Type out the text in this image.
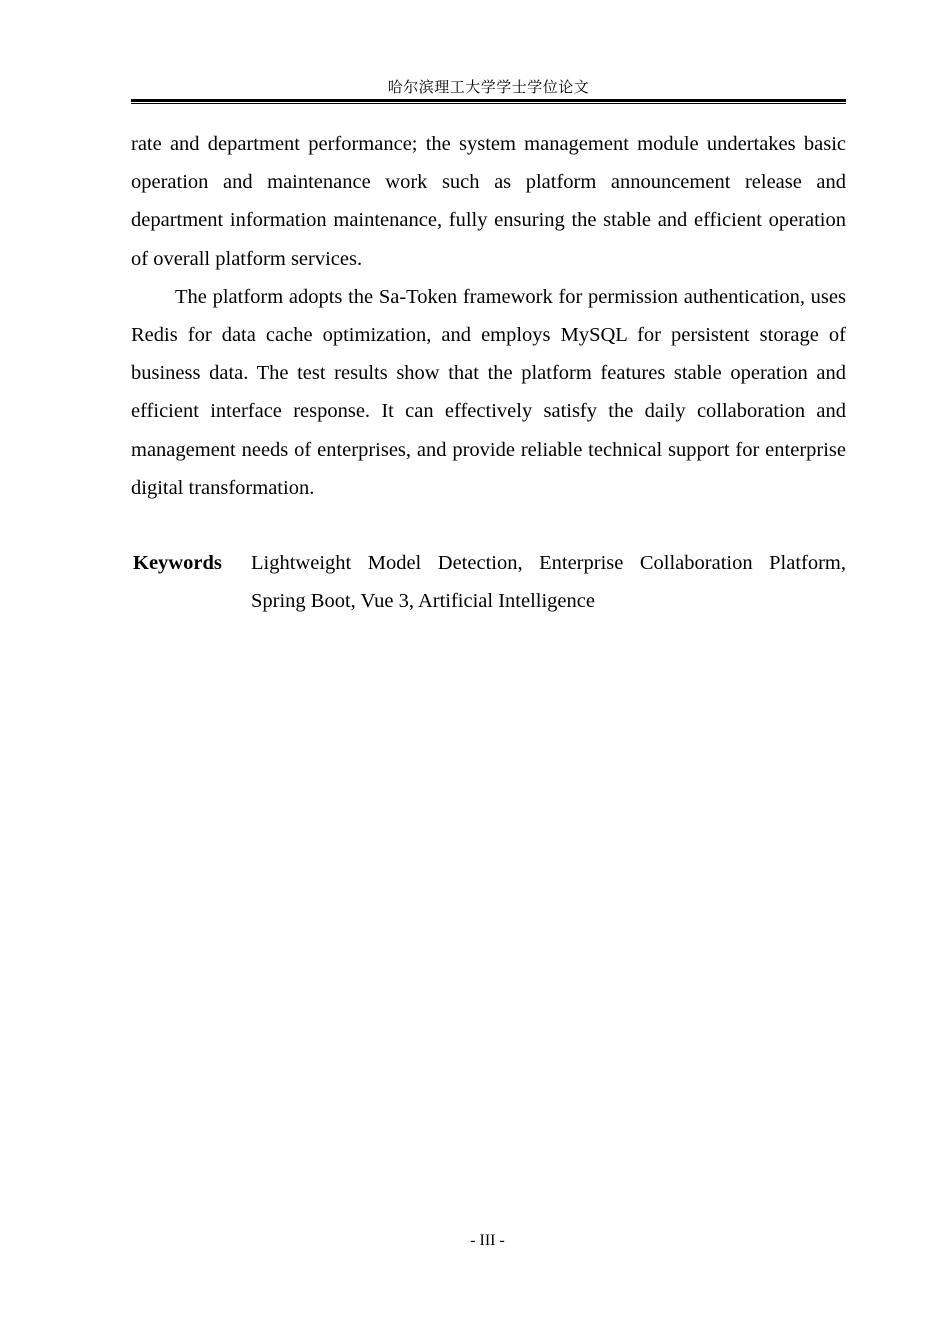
哈尔滨理工大学学士学位论文

rate and department performance; the system management module undertakes basic operation and maintenance work such as platform announcement release and department information maintenance, fully ensuring the stable and efficient operation of overall platform services.

The platform adopts the Sa-Token framework for permission authentication, uses Redis for data cache optimization, and employs MySQL for persistent storage of business data. The test results show that the platform features stable operation and efficient interface response. It can effectively satisfy the daily collaboration and management needs of enterprises, and provide reliable technical support for enterprise digital transformation.

Keywords	Lightweight Model Detection, Enterprise Collaboration Platform, Spring Boot, Vue 3, Artificial Intelligence
- III -
